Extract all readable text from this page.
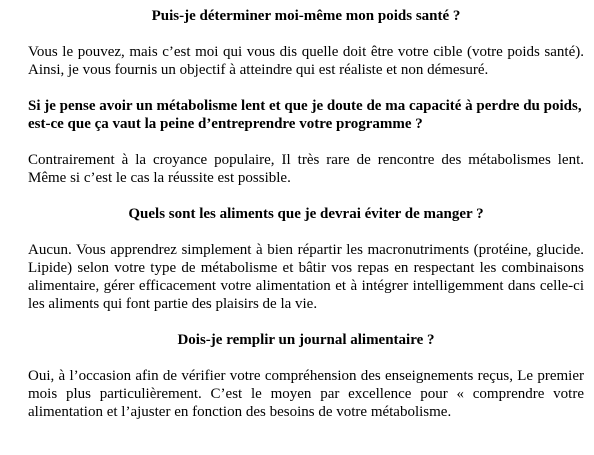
Puis-je déterminer moi-même mon poids santé ?

Vous le pouvez, mais c’est moi qui vous dis quelle doit être votre cible (votre poids santé). Ainsi, je vous fournis un objectif à atteindre qui est réaliste et non démesuré.

Si je pense avoir un métabolisme lent et que je doute de ma capacité à perdre du poids, est-ce que ça vaut la peine d’entreprendre votre programme ?

Contrairement à la croyance populaire, Il très rare de rencontre des métabolismes lent. Même si c’est le cas la réussite est possible.

Quels sont les aliments que je devrai éviter de manger ?

Aucun. Vous apprendrez simplement à bien répartir les macronutriments (protéine, glucide. Lipide) selon votre type de métabolisme et bâtir vos repas en respectant les combinaisons alimentaire, gérer efficacement votre alimentation et à intégrer intelligemment dans celle-ci les aliments qui font partie des plaisirs de la vie.

Dois-je remplir un journal alimentaire ?

Oui, à l’occasion afin de vérifier votre compréhension des enseignements reçus, Le premier mois plus particulièrement. C’est le moyen par excellence pour « comprendre votre alimentation et l’ajuster en fonction des besoins de votre métabolisme.
